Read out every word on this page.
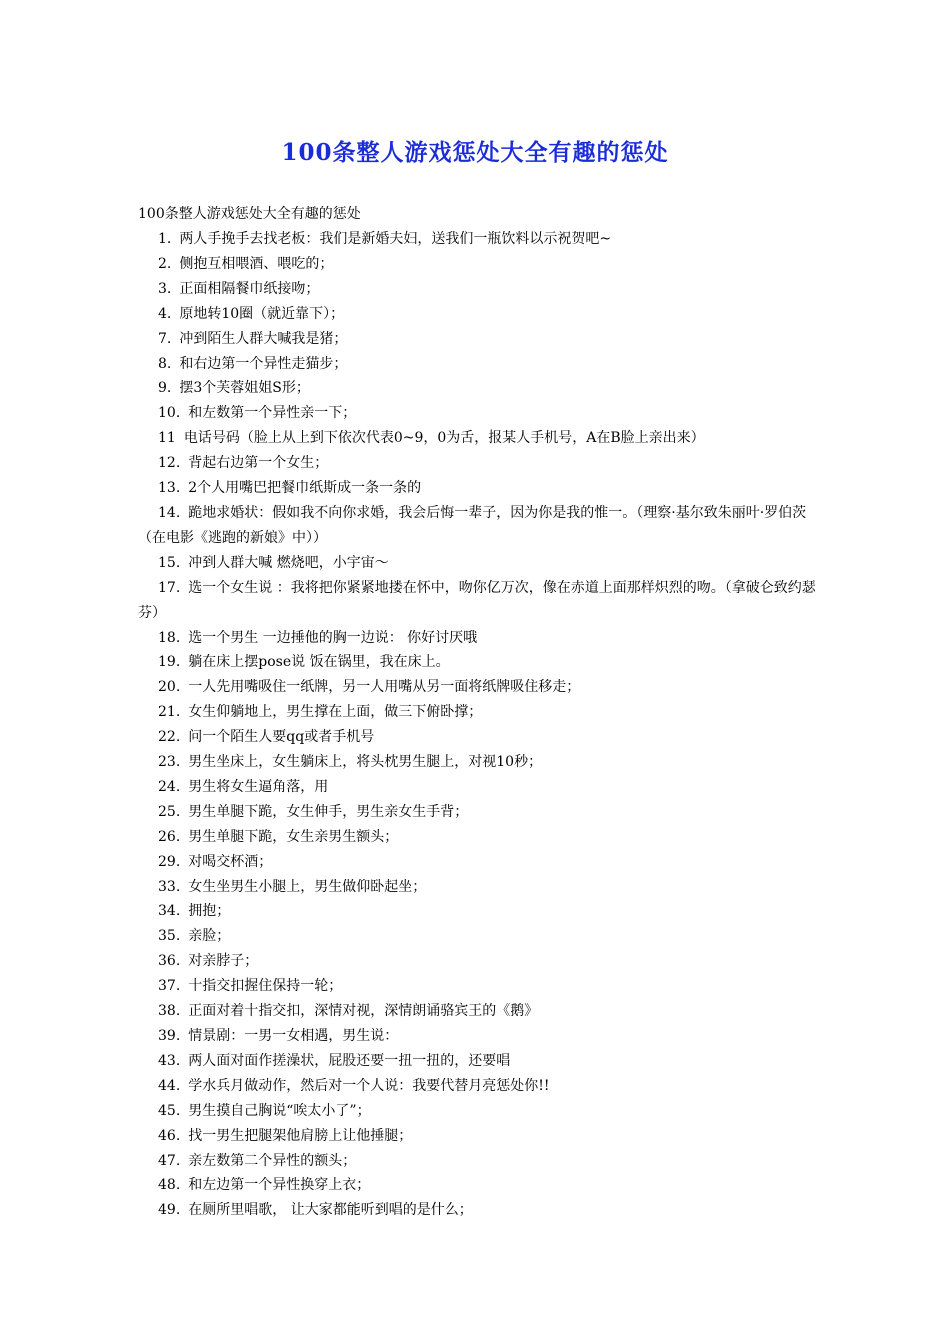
100条整人游戏惩处大全有趣的惩处
100条整人游戏惩处大全有趣的惩处
1. 两人手挽手去找老板：我们是新婚夫妇，送我们一瓶饮料以示祝贺吧~
2. 侧抱互相喂酒、喂吃的；
3. 正面相隔餐巾纸接吻；
4. 原地转10圈（就近靠下）；
7. 冲到陌生人群大喊我是猪；
8. 和右边第一个异性走猫步；
9. 摆3个芙蓉姐姐S形；
10. 和左数第一个异性亲一下；
11 电话号码（脸上从上到下依次代表0~9，0为舌，报某人手机号，A在B脸上亲出来）
12. 背起右边第一个女生；
13. 2个人用嘴巴把餐巾纸斯成一条一条的
14. 跪地求婚状：假如我不向你求婚，我会后悔一辈子，因为你是我的惟一。（理察·基尔致朱丽叶·罗伯茨（在电影《逃跑的新娘》中））
15. 冲到人群大喊 燃烧吧，小宇宙～
17. 选一个女生说 ：我将把你紧紧地搂在怀中，吻你亿万次，像在赤道上面那样炽烈的吻。（拿破仑致约瑟芬）
18. 选一个男生 一边捶他的胸一边说： 你好讨厌哦
19. 躺在床上摆pose说 饭在锅里，我在床上。
20. 一人先用嘴吸住一纸牌，另一人用嘴从另一面将纸牌吸住移走；
21. 女生仰躺地上，男生撑在上面，做三下俯卧撑；
22. 问一个陌生人要qq或者手机号
23. 男生坐床上，女生躺床上，将头枕男生腿上，对视10秒；
24. 男生将女生逼角落，用
25. 男生单腿下跪，女生伸手，男生亲女生手背；
26. 男生单腿下跪，女生亲男生额头；
29. 对喝交杯酒；
33. 女生坐男生小腿上，男生做仰卧起坐；
34. 拥抱；
35. 亲脸；
36. 对亲脖子；
37. 十指交扣握住保持一轮；
38. 正面对着十指交扣，深情对视，深情朗诵骆宾王的《鹅》
39. 情景剧：一男一女相遇，男生说：
43. 两人面对面作搓澡状，屁股还要一扭一扭的，还要唱
44. 学水兵月做动作，然后对一个人说：我要代替月亮惩处你!!
45. 男生摸自己胸说“唉太小了”；
46. 找一男生把腿架他肩膀上让他捶腿；
47. 亲左数第二个异性的额头；
48. 和左边第一个异性换穿上衣；
49. 在厕所里唱歌， 让大家都能听到唱的是什么；
